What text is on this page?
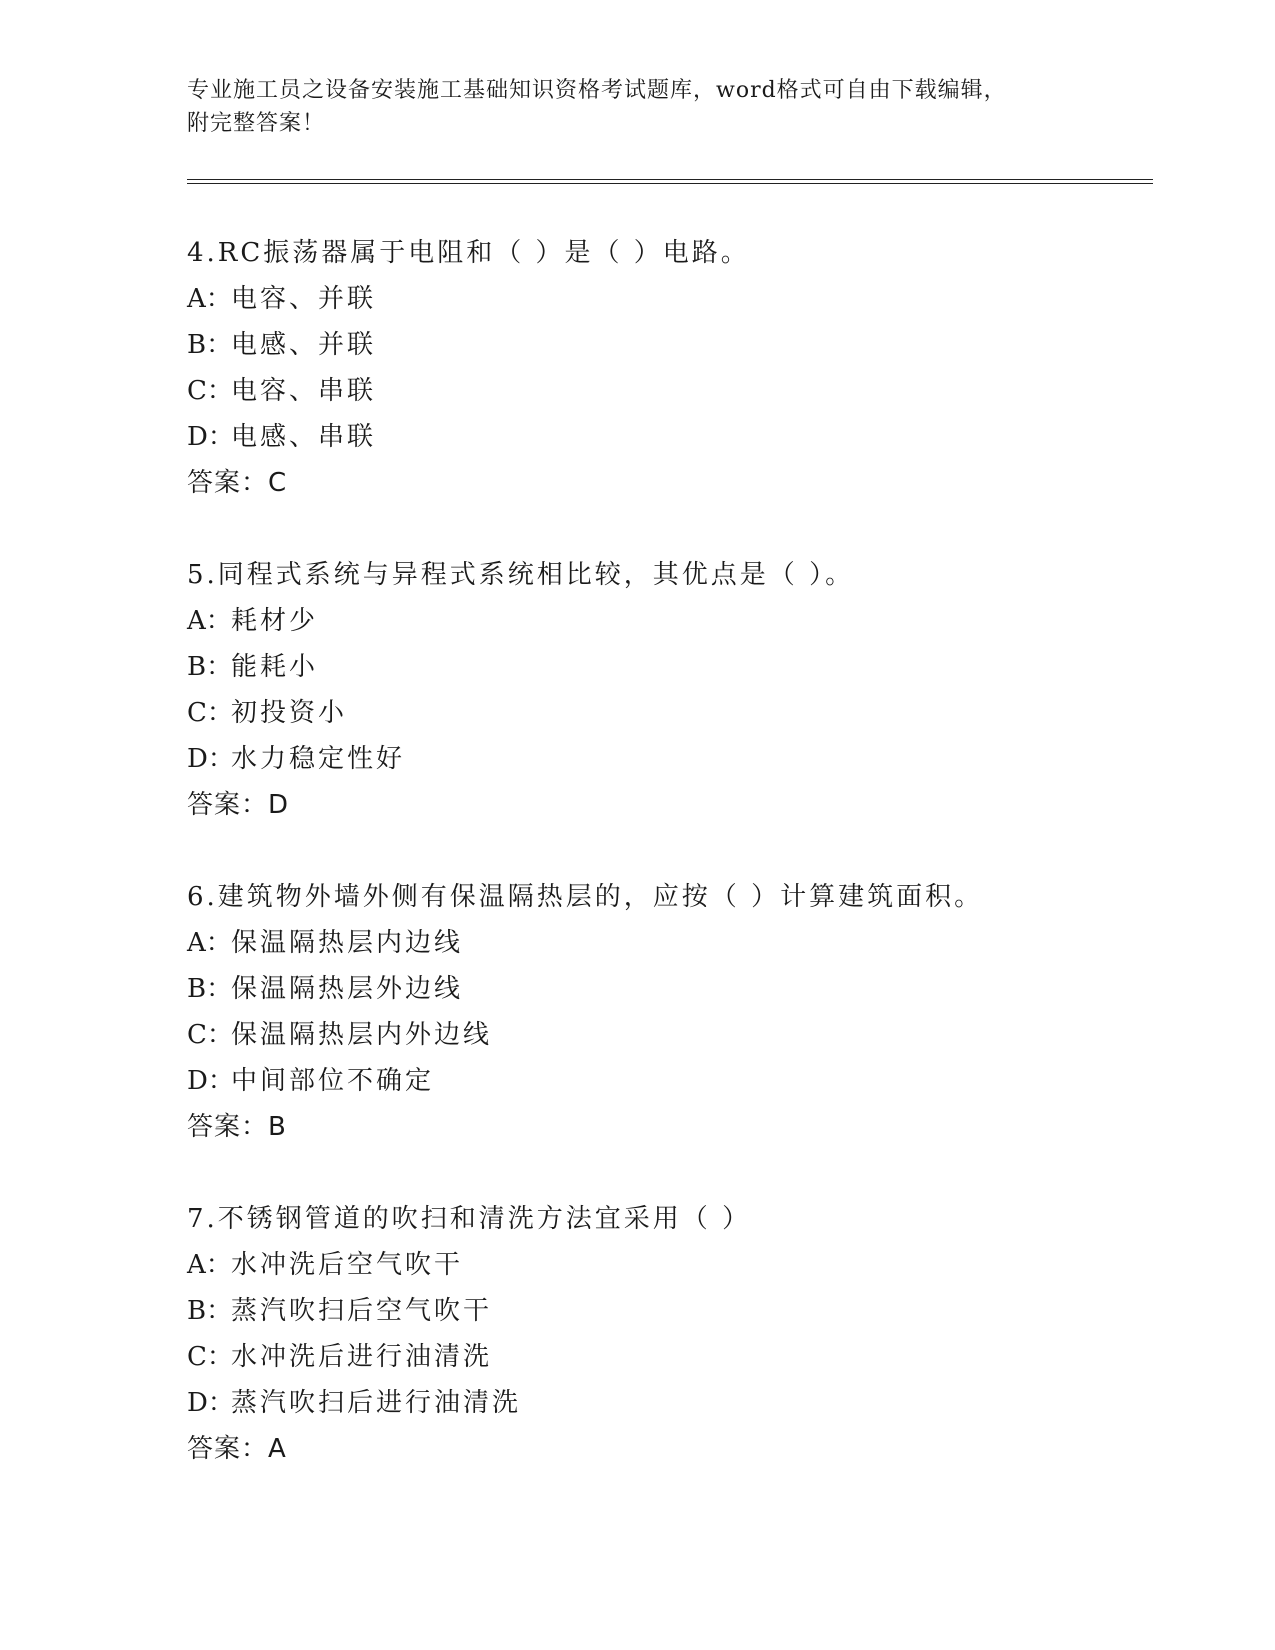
专业施工员之设备安装施工基础知识资格考试题库，word格式可自由下载编辑，
附完整答案！
4.RC振荡器属于电阻和（ ）是（ ）电路。
A：电容、并联
B：电感、并联
C：电容、串联
D：电感、串联
答案：C
5.同程式系统与异程式系统相比较，其优点是（ ）。
A：耗材少
B：能耗小
C：初投资小
D：水力稳定性好
答案：D
6.建筑物外墙外侧有保温隔热层的，应按（ ）计算建筑面积。
A：保温隔热层内边线
B：保温隔热层外边线
C：保温隔热层内外边线
D：中间部位不确定
答案：B
7.不锈钢管道的吹扫和清洗方法宜采用（ ）
A：水冲洗后空气吹干
B：蒸汽吹扫后空气吹干
C：水冲洗后进行油清洗
D：蒸汽吹扫后进行油清洗
答案：A
